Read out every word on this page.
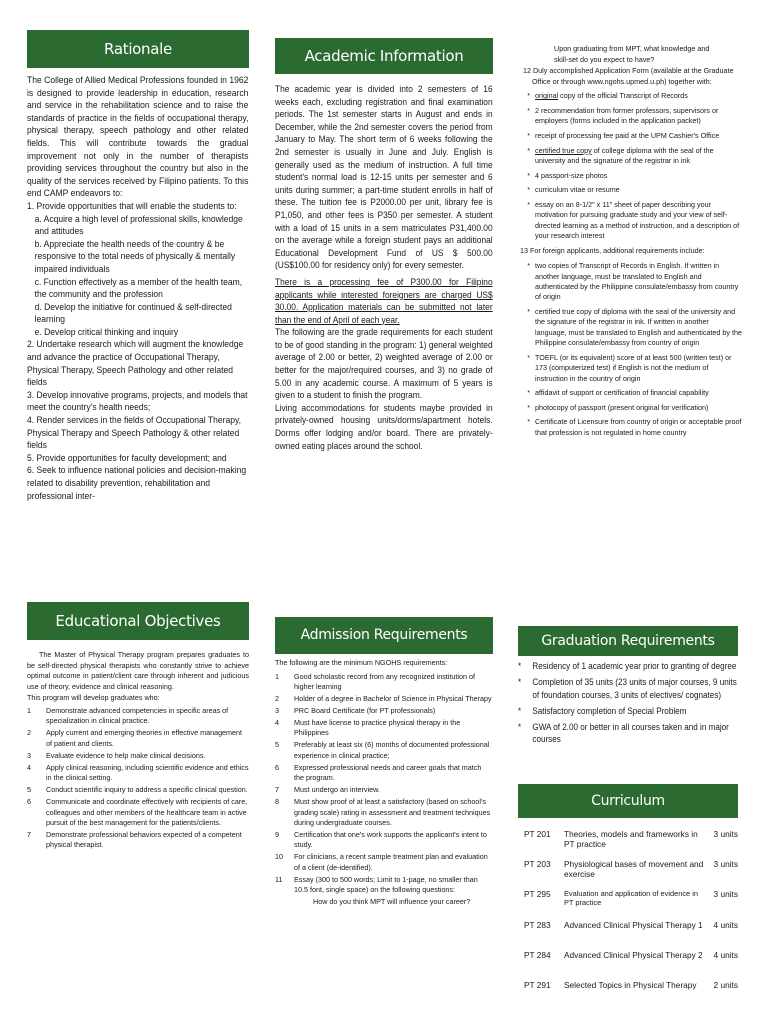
Rationale
The College of Allied Medical Professions founded in 1962 is designed to provide leadership in education, research and service in the rehabilitation science and to raise the standards of practice in the fields of occupational therapy, physical therapy, speech pathology and other related fields. This will contribute towards the gradual improvement not only in the number of therapists providing services throughout the country but also in the quality of the services received by Filipino patients. To this end CAMP endeavors to:
1. Provide opportunities that will enable the students to:
a. Acquire a high level of professional skills, knowledge and attitudes
b. Appreciate the health needs of the country & be responsive to the total needs of physically & mentally impaired individuals
c. Function effectively as a member of the health team, the community and the profession
d. Develop the initiative for continued & self-directed learning
e. Develop critical thinking and inquiry
2. Undertake research which will augment the knowledge and advance the practice of Occupational Therapy, Physical Therapy, Speech Pathology and other related fields
3. Develop innovative programs, projects, and models that meet the country's health needs;
4. Render services in the fields of Occupational Therapy, Physical Therapy and Speech Pathology & other related fields
5. Provide opportunities for faculty development; and
6. Seek to influence national policies and decision-making related to disability prevention, rehabilitation and professional inter-
Educational Objectives
The Master of Physical Therapy program prepares graduates to be self-directed physical therapists who constantly strive to achieve optimal outcome in patient/client care through inherent and judicious use of theory, evidence and clinical reasoning.
This program will develop graduates who:
1	Demonstrate advanced competencies in specific areas of specialization in clinical practice.
2	Apply current and emerging theories in effective management of patient and clients.
3	Evaluate evidence to help make clinical decisions.
4	Apply clinical reasoning, including scientific evidence and ethics in the clinical setting.
5	Conduct scientific inquiry to address a specific clinical question.
6	Communicate and coordinate effectively with recipients of care, colleagues and other members of the healthcare team in active pursuit of the best management for the patients/clients.
7	Demonstrate professional behaviors expected of a competent physical therapist.
Academic Information
The academic year is divided into 2 semesters of 16 weeks each, excluding registration and final examination periods. The 1st semester starts in August and ends in December, while the 2nd semester covers the period from January to May. The short term of 6 weeks following the 2nd semester is usually in June and July. English is generally used as the medium of instruction. A full time student's normal load is 12-15 units per semester and 6 units during summer; a part-time student enrolls in half of these. The tuition fee is P2000.00 per unit, library fee is P1,050, and other fees is P350 per semester. A student with a load of 15 units in a sem matriculates P31,400.00 on the average while a foreign student pays an additional Educational Development Fund of US $ 500.00 (US$100.00 for residency only) for every semester.
There is a processing fee of P300.00 for Filipino applicants while interested foreigners are charged US$ 30.00. Application materials can be submitted not later than the end of April of each year.
The following are the grade requirements for each student to be of good standing in the program: 1) general weighted average of 2.00 or better, 2) weighted average of 2.00 or better for the major/required courses, and 3) no grade of 5.00 in any academic course. A maximum of 5 years is given to a student to finish the program.
Living accommodations for students maybe provided in privately-owned housing units/dorms/apartment hotels. Dorms offer lodging and/or board. There are privately-owned eating places around the school.
Admission Requirements
The following are the minimum NGOHS requirements:
1	Good scholastic record from any recognized institution of higher learning
2	Holder of a degree in Bachelor of Science in Physical Therapy
3	PRC Board Certificate (for PT professionals)
4	Must have license to practice physical therapy in the Philippines
5	Preferably at least six (6) months of documented professional experience in clinical practice;
6	Expressed professional needs and career goals that match the program.
7	Must undergo an interview.
8	Must show proof of at least a satisfactory (based on school's grading scale) rating in assessment and treatment techniques during undergraduate courses.
9	Certification that one's work supports the applicant's intent to study.
10	For clinicians, a recent sample treatment plan and evaluation of a client (de-identified).
11	Essay (300 to 500 words; Limit to 1-page, no smaller than 10.5 font, single space) on the following questions:
How do you think MPT will influence your career?
Upon graduating from MPT, what knowledge and skill-set do you expect to have?
12 Duly accomplished Application Form (available at the Graduate Office or through www.ngohs.upmed.u.ph) together with:
* original copy of the official Transcript of Records
* 2 recommendation from former professors, supervisors or employers (forms included in the application packet)
* receipt of processing fee paid at the UPM Cashier's Office
* certified true copy of college diploma with the seal of the university and the signature of the registrar in ink
* 4 passport-size photos
* curriculum vitae or resume
* essay on an 8-1/2" x 11" sheet of paper describing your motivation for pursuing graduate study and your view of self-directed learning as a method of instruction, and a description of your research interest
13 For foreign applicants, additional requirements include:
* two copies of Transcript of Records in English. If written in another language, must be translated to English and authenticated by the Philippine consulate/embassy from country of origin
* certified true copy of diploma with the seal of the university and the signature of the registrar in ink. If written in another language, must be translated to English and authenticated by the Philippine consulate/embassy from country of origin
* TOEFL (or its equivalent) score of at least 500 (written test) or 173 (computerized test) if English is not the medium of instruction in the country of origin
* affidavit of support or certification of financial capability
* photocopy of passport (present original for verification)
* Certificate of Licensure from country of origin or acceptable proof that profession is not regulated in home country
Graduation Requirements
*	Residency of 1 academic year prior to granting of degree
*	Completion of 35 units (23 units of major courses, 9 units of foundation courses, 3 units of electives/ cognates)
*	Satisfactory completion of Special Problem
*	GWA of 2.00 or better in all courses taken and in major courses
Curriculum
PT 201	Theories, models and frameworks in PT practice
3 units
PT 203	Physiological bases of movement and exercise
3 units
PT 295	Evaluation and application of evidence in PT practice
3 units
PT 283	Advanced Clinical Physical Therapy 1	4 units
PT 284	Advanced Clinical Physical Therapy 2	4 units
PT 291	Selected Topics in Physical Therapy	2 units
